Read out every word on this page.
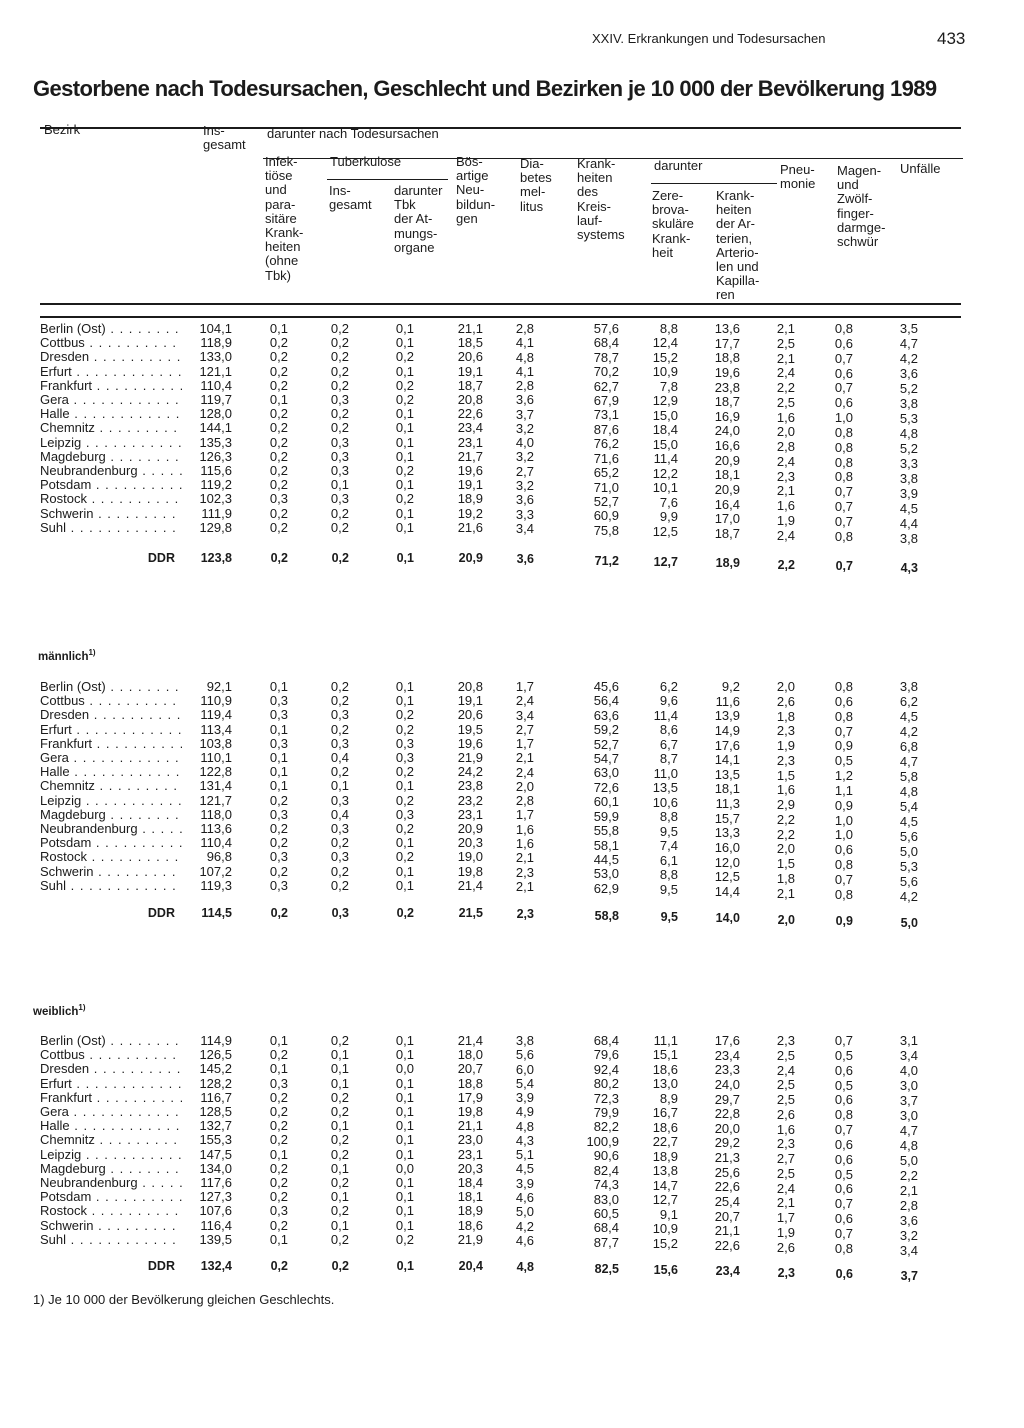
XXIV. Erkrankungen und Todesursachen	433
Gestorbene nach Todesursachen, Geschlecht und Bezirken je 10 000 der Bevölkerung 1989
Bezirk	Ins-
gesamt
darunter nach Todesursachen
Infek-
tiöse
und
para-
sitäre
Krank-
heiten
(ohne
Tbk)
Tuberkulose
Ins-
gesamt
darunter
Tbk
der At-
mungs-
organe
Bös-
artige
Neu-
bildun-
gen
Dia-
betes
mel-
litus
Krank-
heiten
des
Kreis-
lauf-
systems
darunter
Zere-
brova-
skuläre
Krank-
heit
Krank-
heiten
der Ar-
terien,
Arterio-
len und
Kapilla-
ren
Pneu-
monie
Magen-
und
Zwölf-
finger-
darmge-
schwür
Unfälle
männlich$^{1)}$
weiblich$^{1)}$
Berlin (Ost) . . .	104,1	0,1	0,2	0,1	21,1	2,8	57,6	8,8	13,6	2,1	0,8	3,5
Cottbus . . .	118,9	0,2	0,2	0,1	18,5	4,1	68,4	12,4	17,7	2,5	0,6	4,7
Dresden . . .	133,0	0,2	0,2	0,2	20,6	4,8	78,7	15,2	18,8	2,1	0,7	4,2
Erfurt . . .	121,1	0,2	0,2	0,1	19,1	4,1	70,2	10,9	19,6	2,4	0,6	3,6
Frankfurt . . .	110,4	0,2	0,2	0,2	18,7	2,8	62,7	7,8	23,8	2,2	0,7	5,2
Gera . . .	119,7	0,1	0,3	0,2	20,8	3,6	67,9	12,9	18,7	2,5	0,6	3,8
Halle . . .	128,0	0,2	0,2	0,1	22,6	3,7	73,1	15,0	16,9	1,6	1,0	5,3
Chemnitz . . .	144,1	0,2	0,2	0,1	23,4	3,2	87,6	18,4	24,0	2,0	0,8	4,8
Leipzig . . .	135,3	0,2	0,3	0,1	23,1	4,0	76,2	15,0	16,6	2,8	0,8	5,2
Magdeburg . . .	126,3	0,2	0,3	0,1	21,7	3,2	71,6	11,4	20,9	2,4	0,8	3,3
Neubrandenburg . . .	115,6	0,2	0,3	0,2	19,6	2,7	65,2	12,2	18,1	2,3	0,8	3,8
Potsdam . . .	119,2	0,2	0,1	0,1	19,1	3,2	71,0	10,1	20,9	2,1	0,7	3,9
Rostock . . .	102,3	0,3	0,3	0,2	18,9	3,6	52,7	7,6	16,4	1,6	0,7	4,5
Schwerin . . .	111,9	0,2	0,2	0,1	19,2	3,3	60,9	9,9	17,0	1,9	0,7	4,4
Suhl . . .	129,8	0,2	0,2	0,1	21,6	3,4	75,8	12,5	18,7	2,4	0,8	3,8
DDR 123,8	0,2	0,2	0,1	20,9	3,6	71,2	12,7	18,9	2,2	0,7	4,3
Berlin (Ost) . . .	92,1	0,1	0,2	0,1	20,8	1,7	45,6	6,2	9,2	2,0	0,8	3,8
Cottbus . . .	110,9	0,3	0,2	0,1	19,1	2,4	56,4	9,6	11,6	2,6	0,6	6,2
Dresden . . .	119,4	0,3	0,3	0,2	20,6	3,4	63,6	11,4	13,9	1,8	0,8	4,5
Erfurt . . .	113,4	0,1	0,2	0,2	19,5	2,7	59,2	8,6	14,9	2,3	0,7	4,2
Frankfurt . . .	103,8	0,3	0,3	0,3	19,6	1,7	52,7	6,7	17,6	1,9	0,9	6,8
Gera . . .	110,1	0,1	0,4	0,3	21,9	2,1	54,7	8,7	14,1	2,3	0,5	4,7
Halle . . .	122,8	0,1	0,2	0,2	24,2	2,4	63,0	11,0	13,5	1,5	1,2	5,8
Chemnitz . . .	131,4	0,1	0,1	0,1	23,8	2,0	72,6	13,5	18,1	1,6	1,1	4,8
Leipzig . . .	121,7	0,2	0,3	0,2	23,2	2,8	60,1	10,6	11,3	2,9	0,9	5,4
Magdeburg . . .	118,0	0,3	0,4	0,3	23,1	1,7	59,9	8,8	15,7	2,2	1,0	4,5
Neubrandenburg . . .	113,6	0,2	0,3	0,2	20,9	1,6	55,8	9,5	13,3	2,2	1,0	5,6
Potsdam . . .	110,4	0,2	0,2	0,1	20,3	1,6	58,1	7,4	16,0	2,0	0,6	5,0
Rostock . . .	96,8	0,3	0,3	0,2	19,0	2,1	44,5	6,1	12,0	1,5	0,8	5,3
Schwerin . . .	107,2	0,2	0,2	0,1	19,8	2,3	53,0	8,8	12,5	1,8	0,7	5,6
Suhl . . .	119,3	0,3	0,2	0,1	21,4	2,1	62,9	9,5	14,4	2,1	0,8	4,2
DDR 114,5	0,2	0,3	0,2	21,5	2,3	58,8	9,5	14,0	2,0	0,9	5,0
Berlin (Ost) . . .	114,9	0,1	0,2	0,1	21,4	3,8	68,4	11,1	17,6	2,3	0,7	3,1
Cottbus . . .	126,5	0,2	0,1	0,1	18,0	5,6	79,6	15,1	23,4	2,5	0,5	3,4
Dresden . . .	145,2	0,1	0,1	0,0	20,7	6,0	92,4	18,6	23,3	2,4	0,6	4,0
Erfurt . . .	128,2	0,3	0,1	0,1	18,8	5,4	80,2	13,0	24,0	2,5	0,5	3,0
Frankfurt . . .	116,7	0,2	0,2	0,1	17,9	3,9	72,3	8,9	29,7	2,5	0,6	3,7
Gera . . .	128,5	0,2	0,2	0,1	19,8	4,9	79,9	16,7	22,8	2,6	0,8	3,0
Halle . . .	132,7	0,2	0,1	0,1	21,1	4,8	82,2	18,6	20,0	1,6	0,7	4,7
Chemnitz . . .	155,3	0,2	0,2	0,1	23,0	4,3	100,9	22,7	29,2	2,3	0,6	4,8
Leipzig . . .	147,5	0,1	0,2	0,1	23,1	5,1	90,6	18,9	21,3	2,7	0,6	5,0
Magdeburg . . .	134,0	0,2	0,1	0,0	20,3	4,5	82,4	13,8	25,6	2,5	0,5	2,2
Neubrandenburg . . .	117,6	0,2	0,2	0,1	18,4	3,9	74,3	14,7	22,6	2,4	0,6	2,1
Potsdam . . .	127,3	0,2	0,1	0,1	18,1	4,6	83,0	12,7	25,4	2,1	0,7	2,8
Rostock . . .	107,6	0,3	0,2	0,1	18,9	5,0	60,5	9,1	20,7	1,7	0,6	3,6
Schwerin . . .	116,4	0,2	0,1	0,1	18,6	4,2	68,4	10,9	21,1	1,9	0,7	3,2
Suhl . . .	139,5	0,1	0,2	0,2	21,9	4,6	87,7	15,2	22,6	2,6	0,8	3,4
DDR 132,4	0,2	0,2	0,1	20,4	4,8	82,5	15,6	23,4	2,3	0,6	3,7
1) Je 10 000 der Bevölkerung gleichen Geschlechts.
